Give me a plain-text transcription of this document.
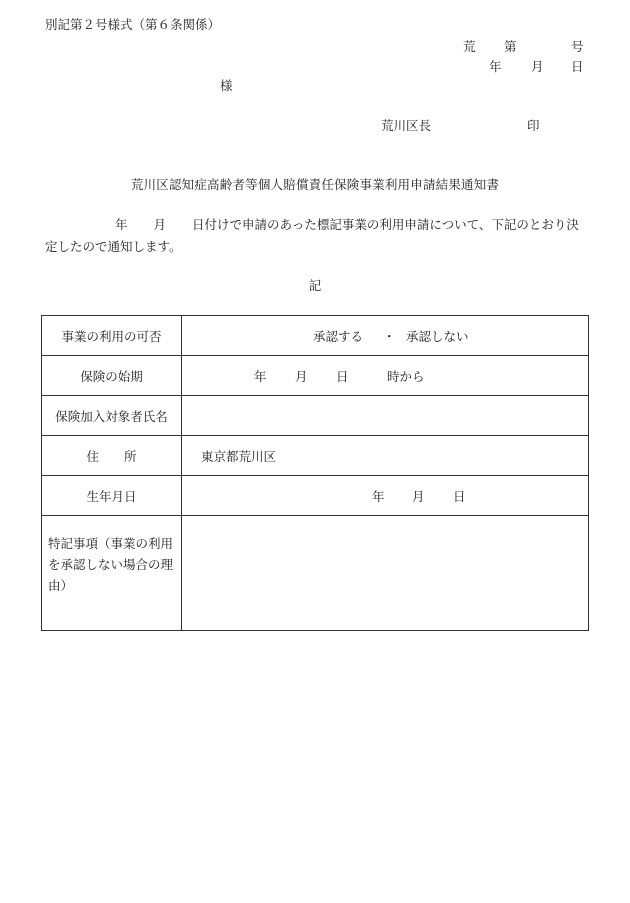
別記第２号様式（第６条関係）
荒 第	号
年 月 日
様
荒川区長	印
荒川区認知症高齢者等個人賠償責任保険事業利用申請結果通知書
年 月 日付けで申請のあった標記事業の利用申請について、下記のとおり決定したので通知します。
記
事業の利用の可否	承認する ・ 承認しない

保険の始期	年 月 日 時から

保険加入対象者氏名	
住　　所	東京都荒川区

生年月日	年 月 日

特記事項（事業の利用を承認しない場合の理由）	
